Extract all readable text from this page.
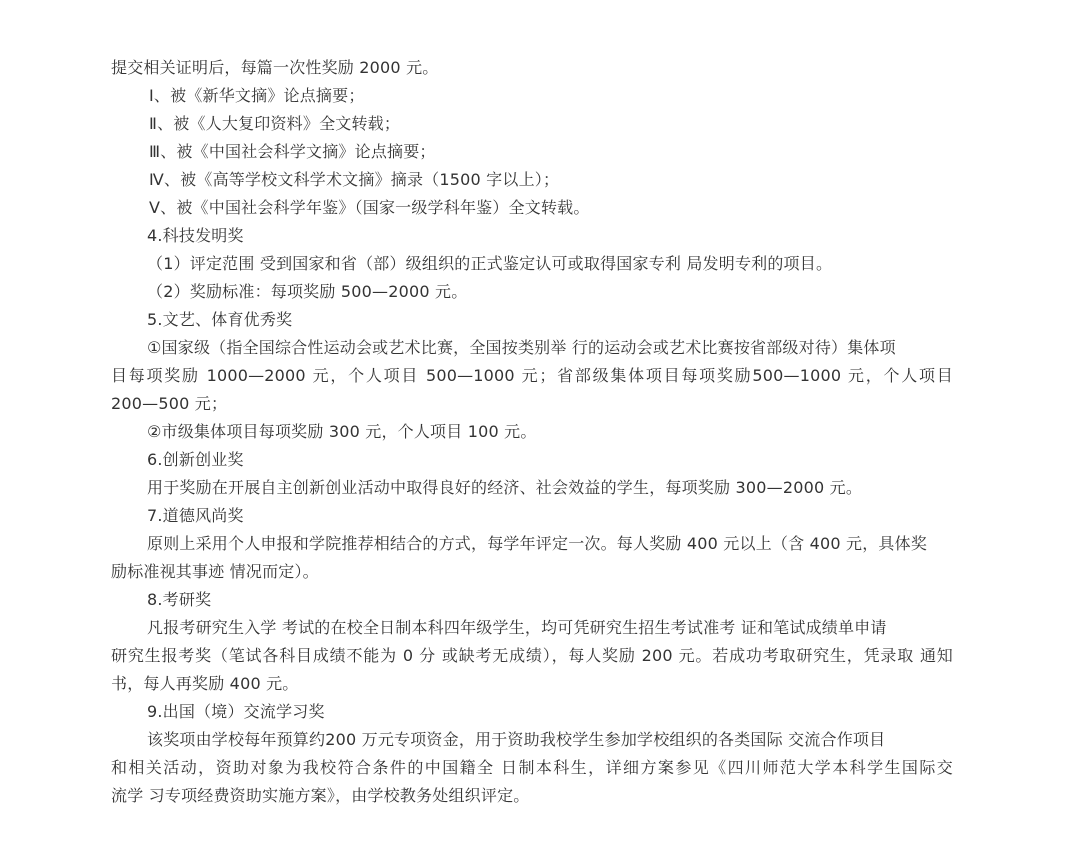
提交相关证明后，每篇一次性奖励 2000 元。
Ⅰ、被《新华文摘》论点摘要；
Ⅱ、被《人大复印资料》全文转载；
Ⅲ、被《中国社会科学文摘》论点摘要；
Ⅳ、被《高等学校文科学术文摘》摘录（1500 字以上）；
Ⅴ、被《中国社会科学年鉴》（国家一级学科年鉴）全文转载。
4.科技发明奖
（1）评定范围 受到国家和省（部）级组织的正式鉴定认可或取得国家专利 局发明专利的项目。
（2）奖励标准：每项奖励 500—2000 元。
5.文艺、体育优秀奖
①国家级（指全国综合性运动会或艺术比赛，全国按类别举 行的运动会或艺术比赛按省部级对待）集体项
目每项奖励 1000—2000 元，个人项目 500—1000 元；省部级集体项目每项奖励500—1000 元，个人项目
200—500 元；
②市级集体项目每项奖励 300 元，个人项目 100 元。
6.创新创业奖
用于奖励在开展自主创新创业活动中取得良好的经济、社会效益的学生，每项奖励 300—2000 元。
7.道德风尚奖
原则上采用个人申报和学院推荐相结合的方式，每学年评定一次。每人奖励 400 元以上（含 400 元，具体奖
励标准视其事迹 情况而定）。
8.考研奖
凡报考研究生入学 考试的在校全日制本科四年级学生，均可凭研究生招生考试准考 证和笔试成绩单申请
研究生报考奖（笔试各科目成绩不能为 0 分 或缺考无成绩），每人奖励 200 元。若成功考取研究生，凭录取 通知
书，每人再奖励 400 元。
9.出国（境）交流学习奖
该奖项由学校每年预算约200 万元专项资金，用于资助我校学生参加学校组织的各类国际 交流合作项目
和相关活动，资助对象为我校符合条件的中国籍全 日制本科生，详细方案参见《四川师范大学本科学生国际交
流学 习专项经费资助实施方案》，由学校教务处组织评定。
